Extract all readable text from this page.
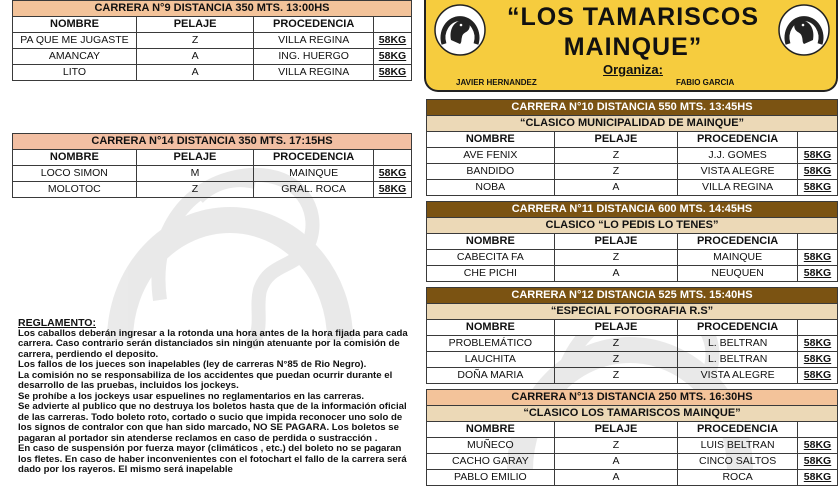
CARRERA N°9 DISTANCIA 350 MTS. 13:00HS			
NOMBRE	PELAJE	PROCEDENCIA	
PA QUE ME JUGASTE	Z	VILLA REGINA	58KG
AMANCAY	A	ING. HUERGO	58KG
LITO	A	VILLA REGINA	58KG
CARRERA N°14 DISTANCIA 350 MTS. 17:15HS			
NOMBRE	PELAJE	PROCEDENCIA	
LOCO SIMON	M	MAINQUE	58KG
MOLOTOC	Z	GRAL. ROCA	58KG
REGLAMENTO:

Los caballos deberán ingresar a la rotonda una hora antes de la hora fijada para cada carrera. Caso contrario serán distanciados sin ningún atenuante por la comisión de carrera, perdiendo el deposito.

Los fallos de los jueces son inapelables (ley de carreras N°85 de Rio Negro).

La comisión no se responsabiliza de los accidentes que puedan ocurrir durante el desarrollo de las pruebas, incluidos los jockeys.

Se prohíbe a los jockeys usar espuelines no reglamentarios en las carreras.

Se advierte al publico que no destruya los boletos hasta que de la información oficial de las carreras. Todo boleto roto, cortado o sucio que impida reconocer uno solo de los signos de contralor con que han sido marcado, NO SE PAGARA. Los boletos se pagaran al portador sin atenderse reclamos en caso de perdida o sustracción .

En caso de suspensión por fuerza mayor (climáticos , etc.) del boleto no se pagaran los fletes. En caso de haber inconvenientes con el fotochart el fallo de la carrera será dado por los rayeros. El mismo será inapelable

“LOS TAMARISCOS
MAINQUE”
Organiza:
JAVIER HERNANDEZ	FABIO GARCIA
CARRERA N°10 DISTANCIA 550 MTS. 13:45HS			
“CLASICO MUNICIPALIDAD DE MAINQUE”			
NOMBRE	PELAJE	PROCEDENCIA	
AVE FENIX	Z	J.J. GOMES	58KG
BANDIDO	Z	VISTA ALEGRE	58KG
NOBA	A	VILLA REGINA	58KG
CARRERA N°11 DISTANCIA 600 MTS. 14:45HS			
CLASICO “LO PEDIS LO TENES”			
NOMBRE	PELAJE	PROCEDENCIA	
CABECITA FA	Z	MAINQUE	58KG
CHE PICHI	A	NEUQUEN	58KG
CARRERA N°12 DISTANCIA 525 MTS. 15:40HS			
“ESPECIAL FOTOGRAFIA R.S”			
NOMBRE	PELAJE	PROCEDENCIA	
PROBLEMÁTICO	Z	L. BELTRAN	58KG
LAUCHITA	Z	L. BELTRAN	58KG
DOÑA MARIA	Z	VISTA ALEGRE	58KG
CARRERA N°13 DISTANCIA 250 MTS. 16:30HS			
“CLASICO LOS TAMARISCOS MAINQUE”			
NOMBRE	PELAJE	PROCEDENCIA	
MUÑECO	Z	LUIS BELTRAN	58KG
CACHO GARAY	A	CINCO SALTOS	58KG
PABLO EMILIO	A	ROCA	58KG
